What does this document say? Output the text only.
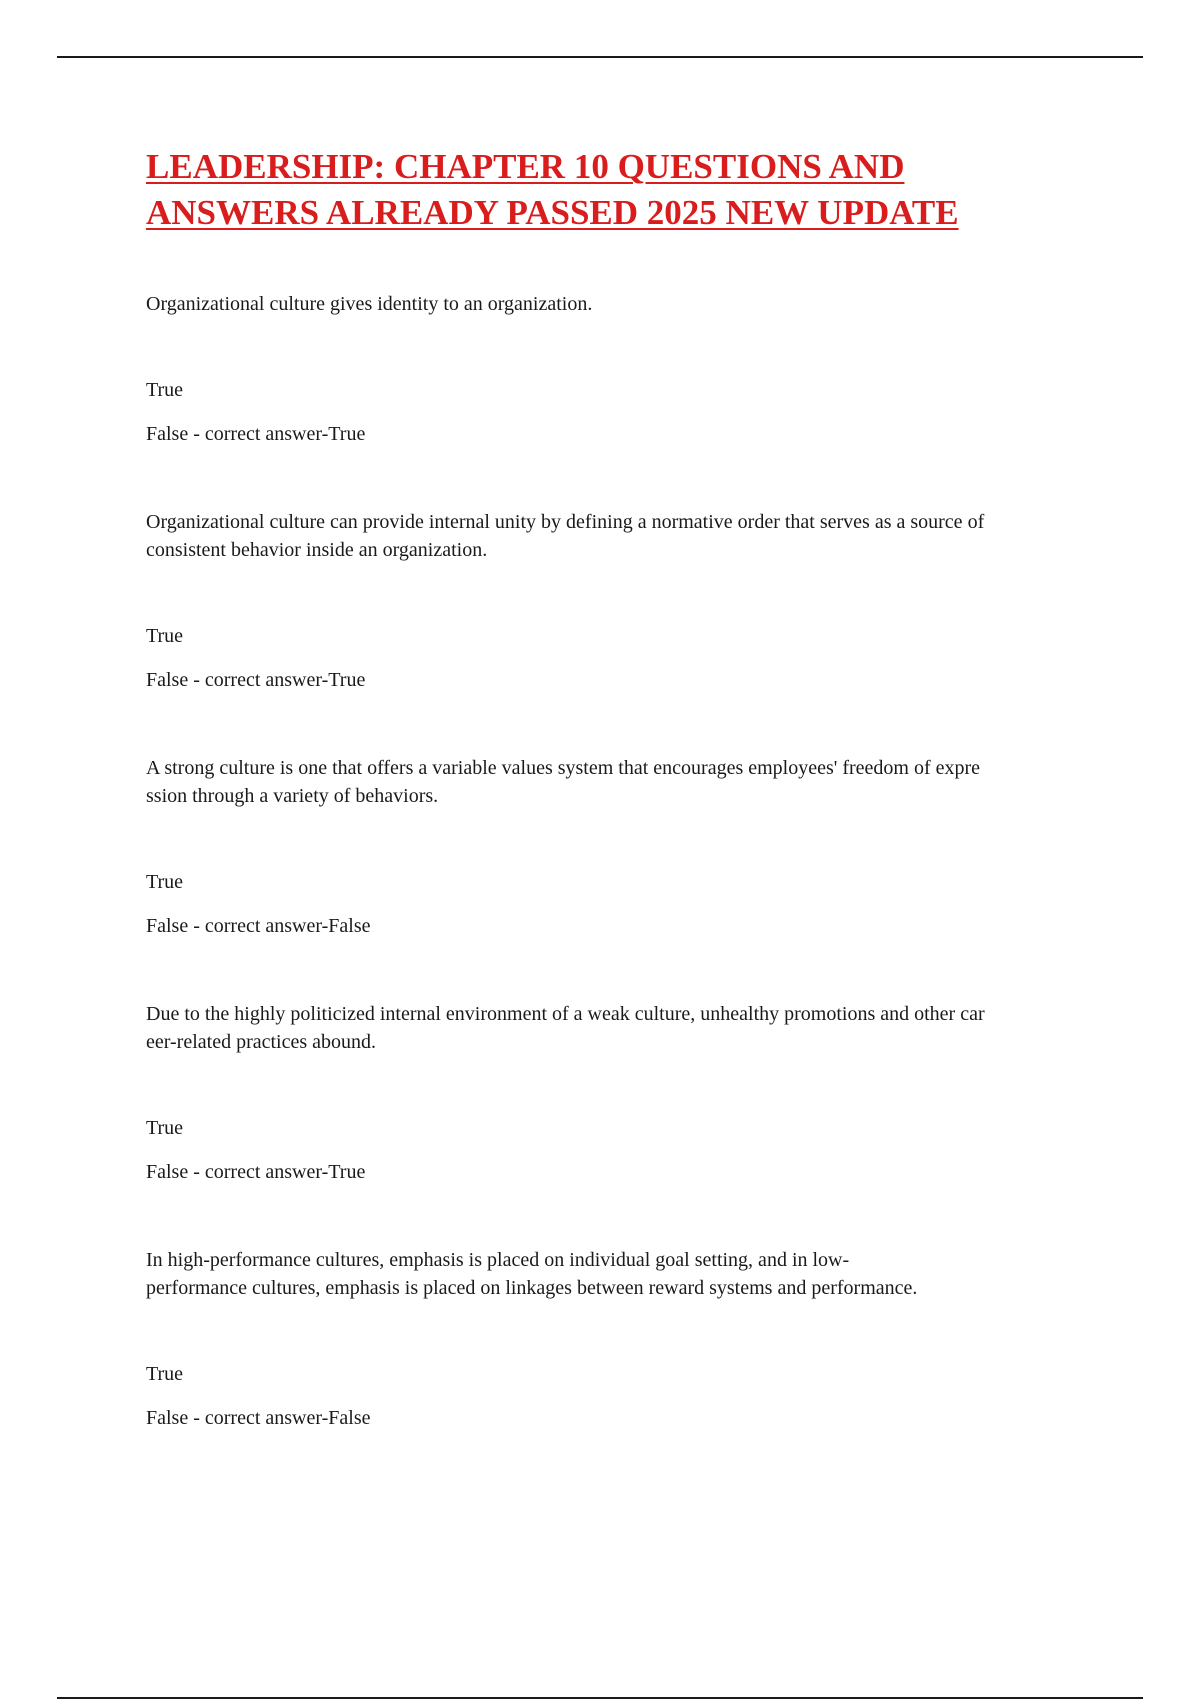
LEADERSHIP: CHAPTER 10 QUESTIONS AND
ANSWERS ALREADY PASSED 2025 NEW UPDATE

Organizational culture gives identity to an organization.

True

False - correct answer-True

Organizational culture can provide internal unity by defining a normative order that serves as a source of

consistent behavior inside an organization.

True

False - correct answer-True

A strong culture is one that offers a variable values system that encourages employees' freedom of expre

ssion through a variety of behaviors.

True

False - correct answer-False

Due to the highly politicized internal environment of a weak culture, unhealthy promotions and other car

eer-related practices abound.

True

False - correct answer-True

In high-performance cultures, emphasis is placed on individual goal setting, and in low-

performance cultures, emphasis is placed on linkages between reward systems and performance.

True

False - correct answer-False
